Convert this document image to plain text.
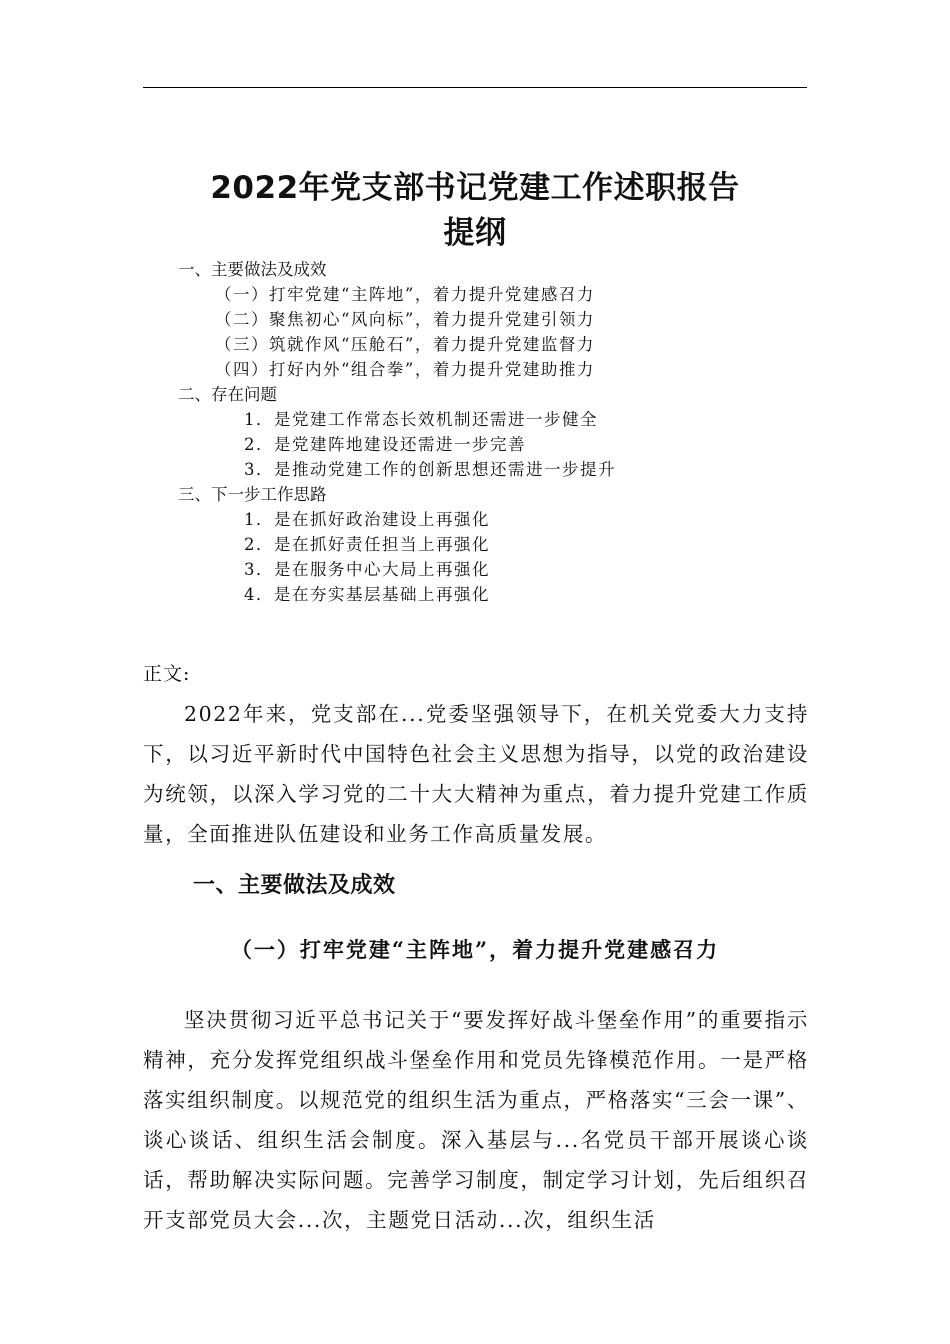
2022年党支部书记党建工作述职报告
提纲
一、主要做法及成效
（一）打牢党建“主阵地”，着力提升党建感召力
（二）聚焦初心“风向标”，着力提升党建引领力
（三）筑就作风“压舱石”，着力提升党建监督力
（四）打好内外“组合拳”，着力提升党建助推力
二、存在问题
1．是党建工作常态长效机制还需进一步健全
2．是党建阵地建设还需进一步完善
3．是推动党建工作的创新思想还需进一步提升
三、下一步工作思路
1．是在抓好政治建设上再强化
2．是在抓好责任担当上再强化
3．是在服务中心大局上再强化
4．是在夯实基层基础上再强化
正文:

2022年来，党支部在...党委坚强领导下，在机关党委大力支持下，以习近平新时代中国特色社会主义思想为指导，以党的政治建设为统领，以深入学习党的二十大大精神为重点，着力提升党建工作质量，全面推进队伍建设和业务工作高质量发展。

一、主要做法及成效
（一）打牢党建“主阵地”，着力提升党建感召力

坚决贯彻习近平总书记关于“要发挥好战斗堡垒作用”的重要指示精神，充分发挥党组织战斗堡垒作用和党员先锋模范作用。一是严格落实组织制度。以规范党的组织生活为重点，严格落实“三会一课”、谈心谈话、组织生活会制度。深入基层与...名党员干部开展谈心谈话，帮助解决实际问题。完善学习制度，制定学习计划，先后组织召开支部党员大会...次，主题党日活动...次，组织生活
